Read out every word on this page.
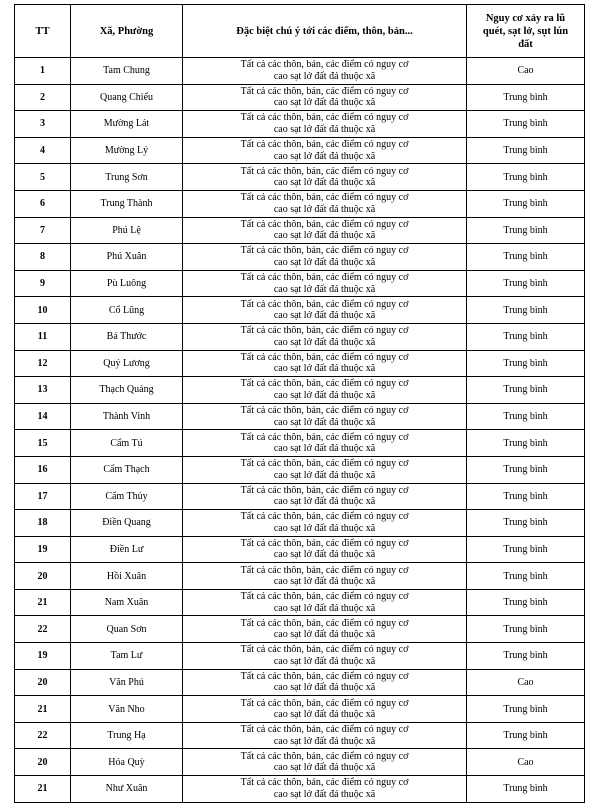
TT	Xã, Phường	Đặc biệt chú ý tới các điểm, thôn, bản...	Nguy cơ xảy ra lũ
quét, sạt lở, sụt lún
đất
1	Tam Chung	Tất cả các thôn, bản, các điểm có nguy cơ
cao sạt lở đất đá thuộc xã	Cao
2	Quang Chiểu	Tất cả các thôn, bản, các điểm có nguy cơ
cao sạt lở đất đá thuộc xã	Trung bình
3	Mường Lát	Tất cả các thôn, bản, các điểm có nguy cơ
cao sạt lở đất đá thuộc xã	Trung bình
4	Mường Lý	Tất cả các thôn, bản, các điểm có nguy cơ
cao sạt lở đất đá thuộc xã	Trung bình
5	Trung Sơn	Tất cả các thôn, bản, các điểm có nguy cơ
cao sạt lở đất đá thuộc xã	Trung bình
6	Trung Thành	Tất cả các thôn, bản, các điểm có nguy cơ
cao sạt lở đất đá thuộc xã	Trung bình
7	Phú Lệ	Tất cả các thôn, bản, các điểm có nguy cơ
cao sạt lở đất đá thuộc xã	Trung bình
8	Phú Xuân	Tất cả các thôn, bản, các điểm có nguy cơ
cao sạt lở đất đá thuộc xã	Trung bình
9	Pù Luông	Tất cả các thôn, bản, các điểm có nguy cơ
cao sạt lở đất đá thuộc xã	Trung bình
10	Cổ Lũng	Tất cả các thôn, bản, các điểm có nguy cơ
cao sạt lở đất đá thuộc xã	Trung bình
11	Bá Thước	Tất cả các thôn, bản, các điểm có nguy cơ
cao sạt lở đất đá thuộc xã	Trung bình
12	Quý Lương	Tất cả các thôn, bản, các điểm có nguy cơ
cao sạt lở đất đá thuộc xã	Trung bình
13	Thạch Quảng	Tất cả các thôn, bản, các điểm có nguy cơ
cao sạt lở đất đá thuộc xã	Trung bình
14	Thành Vinh	Tất cả các thôn, bản, các điểm có nguy cơ
cao sạt lở đất đá thuộc xã	Trung bình
15	Cẩm Tú	Tất cả các thôn, bản, các điểm có nguy cơ
cao sạt lở đất đá thuộc xã	Trung bình
16	Cẩm Thạch	Tất cả các thôn, bản, các điểm có nguy cơ
cao sạt lở đất đá thuộc xã	Trung bình
17	Cẩm Thủy	Tất cả các thôn, bản, các điểm có nguy cơ
cao sạt lở đất đá thuộc xã	Trung bình
18	Điền Quang	Tất cả các thôn, bản, các điểm có nguy cơ
cao sạt lở đất đá thuộc xã	Trung bình
19	Điền Lư	Tất cả các thôn, bản, các điểm có nguy cơ
cao sạt lở đất đá thuộc xã	Trung bình
20	Hồi Xuân	Tất cả các thôn, bản, các điểm có nguy cơ
cao sạt lở đất đá thuộc xã	Trung bình
21	Nam Xuân	Tất cả các thôn, bản, các điểm có nguy cơ
cao sạt lở đất đá thuộc xã	Trung bình
22	Quan Sơn	Tất cả các thôn, bản, các điểm có nguy cơ
cao sạt lở đất đá thuộc xã	Trung bình
19	Tam Lư	Tất cả các thôn, bản, các điểm có nguy cơ
cao sạt lở đất đá thuộc xã	Trung bình
20	Văn Phú	Tất cả các thôn, bản, các điểm có nguy cơ
cao sạt lở đất đá thuộc xã	Cao
21	Văn Nho	Tất cả các thôn, bản, các điểm có nguy cơ
cao sạt lở đất đá thuộc xã	Trung bình
22	Trung Hạ	Tất cả các thôn, bản, các điểm có nguy cơ
cao sạt lở đất đá thuộc xã	Trung bình
20	Hóa Quỳ	Tất cả các thôn, bản, các điểm có nguy cơ
cao sạt lở đất đá thuộc xã	Cao
21	Như Xuân	Tất cả các thôn, bản, các điểm có nguy cơ
cao sạt lở đất đá thuộc xã	Trung bình
